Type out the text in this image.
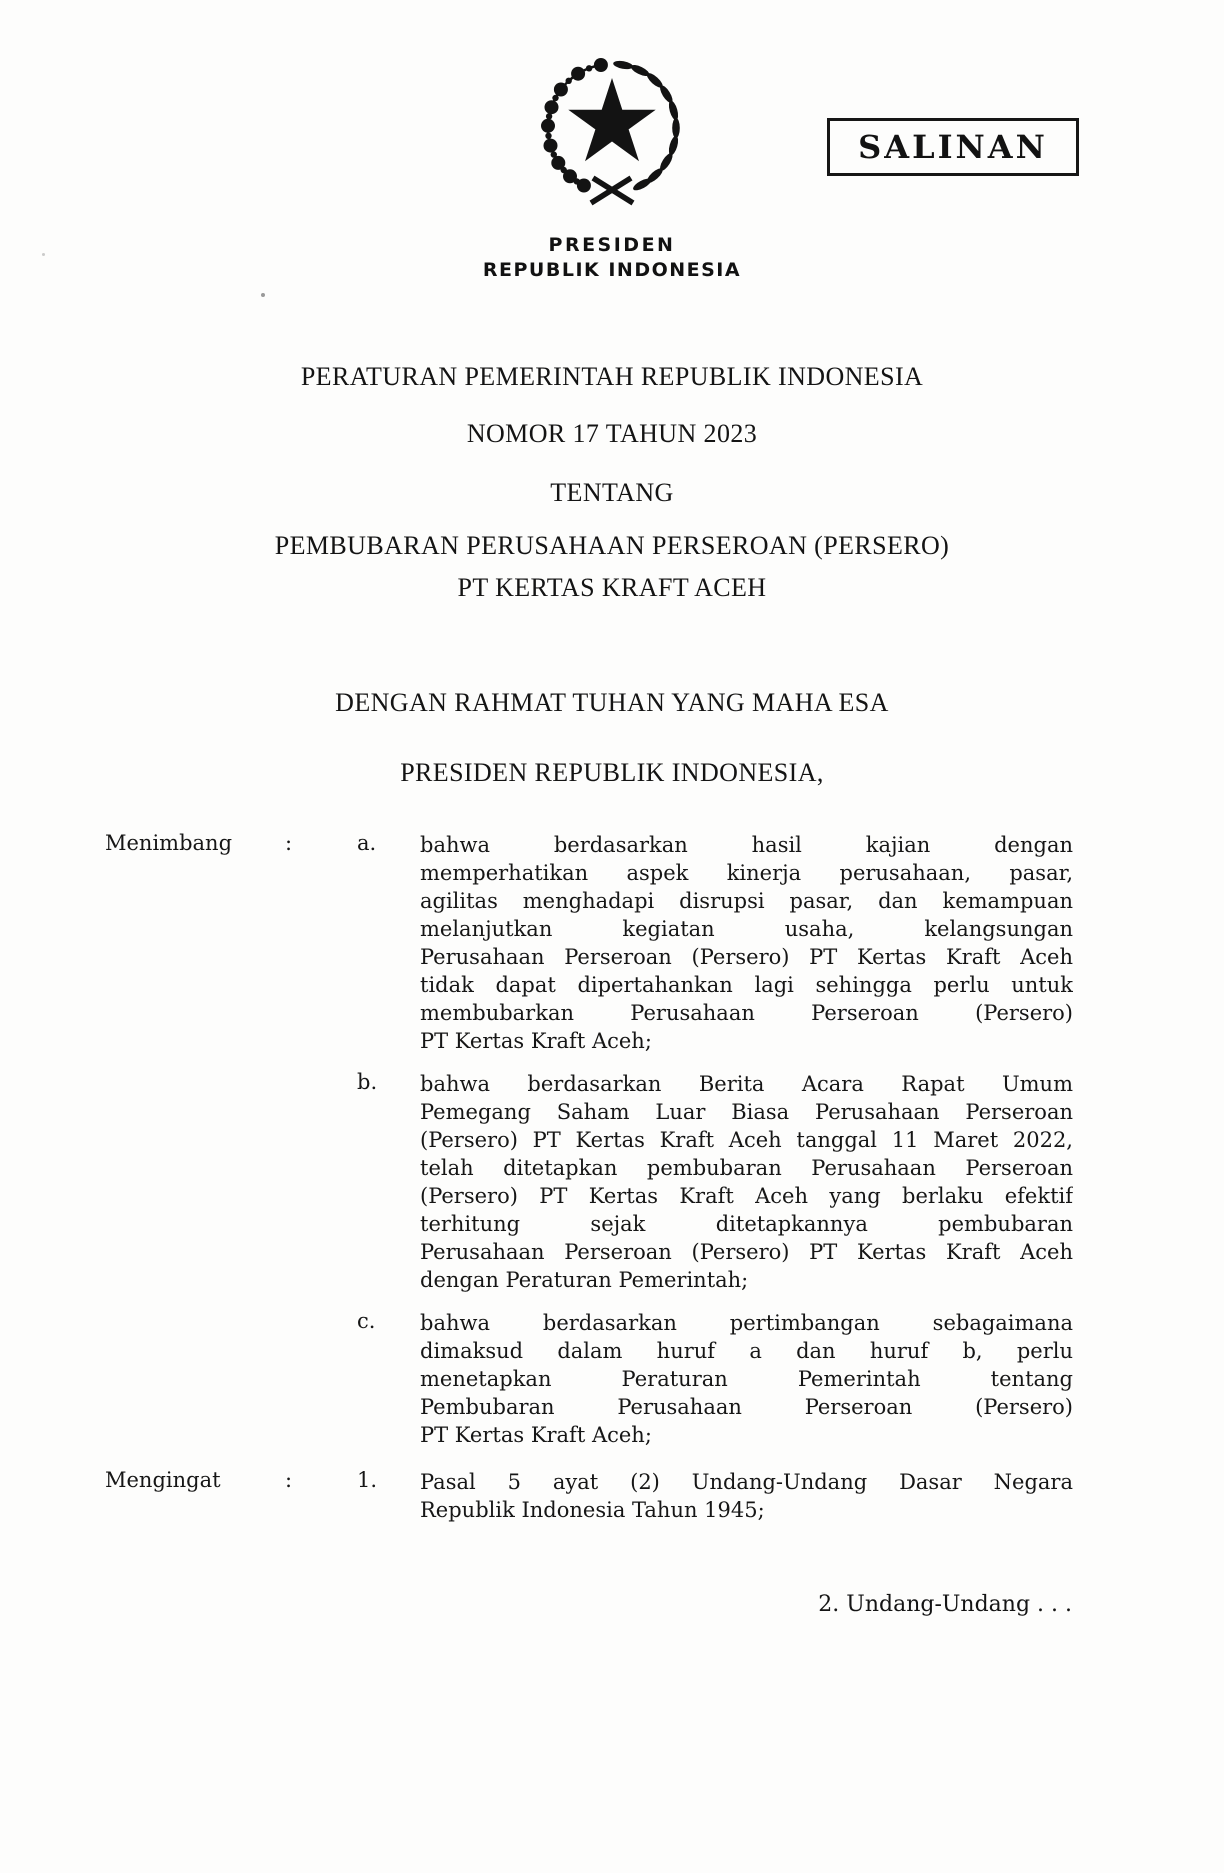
PRESIDEN
REPUBLIK INDONESIA
SALINAN
PERATURAN PEMERINTAH REPUBLIK INDONESIA
NOMOR 17 TAHUN 2023
TENTANG
PEMBUBARAN PERUSAHAAN PERSEROAN (PERSERO)
PT KERTAS KRAFT ACEH
DENGAN RAHMAT TUHAN YANG MAHA ESA
PRESIDEN REPUBLIK INDONESIA,
Menimbang	:	a. bahwa berdasarkan hasil kajian dengan
memperhatikan aspek kinerja perusahaan, pasar,
agilitas menghadapi disrupsi pasar, dan kemampuan
melanjutkan kegiatan usaha, kelangsungan
Perusahaan Perseroan (Persero) PT Kertas Kraft Aceh
tidak dapat dipertahankan lagi sehingga perlu untuk
membubarkan Perusahaan Perseroan (Persero)
PT Kertas Kraft Aceh;
b. bahwa berdasarkan Berita Acara Rapat Umum
Pemegang Saham Luar Biasa Perusahaan Perseroan
(Persero) PT Kertas Kraft Aceh tanggal 11 Maret 2022,
telah ditetapkan pembubaran Perusahaan Perseroan
(Persero) PT Kertas Kraft Aceh yang berlaku efektif
terhitung sejak ditetapkannya pembubaran
Perusahaan Perseroan (Persero) PT Kertas Kraft Aceh
dengan Peraturan Pemerintah;
c. bahwa berdasarkan pertimbangan sebagaimana
dimaksud dalam huruf a dan huruf b, perlu
menetapkan Peraturan Pemerintah tentang
Pembubaran Perusahaan Perseroan (Persero)
PT Kertas Kraft Aceh;
Mengingat	:	1. Pasal 5 ayat (2) Undang-Undang Dasar Negara
Republik Indonesia Tahun 1945;
2. Undang-Undang . . .
